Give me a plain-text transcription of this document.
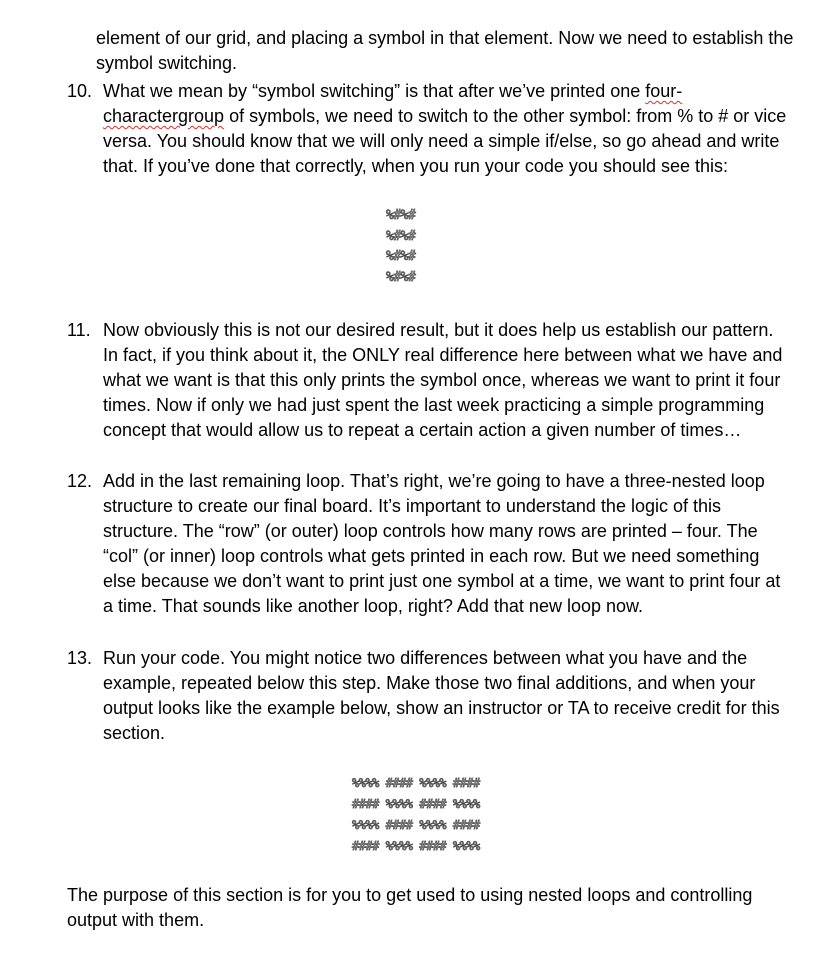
element of our grid, and placing a symbol in that element. Now we need to establish the symbol switching.

10. What we mean by “symbol switching” is that after we’ve printed one four-charactergroup of symbols, we need to switch to the other symbol: from % to # or vice versa. You should know that we will only need a simple if/else, so go ahead and write that. If you’ve done that correctly, when you run your code you should see this:
%#%#
%#%#
%#%#
%#%#
11. Now obviously this is not our desired result, but it does help us establish our pattern. In fact, if you think about it, the ONLY real difference here between what we have and what we want is that this only prints the symbol once, whereas we want to print it four times. Now if only we had just spent the last week practicing a simple programming concept that would allow us to repeat a certain action a given number of times…
12. Add in the last remaining loop. That’s right, we’re going to have a three-nested loop structure to create our final board. It’s important to understand the logic of this structure. The “row” (or outer) loop controls how many rows are printed – four. The “col” (or inner) loop controls what gets printed in each row. But we need something else because we don’t want to print just one symbol at a time, we want to print four at a time. That sounds like another loop, right? Add that new loop now.
13. Run your code. You might notice two differences between what you have and the example, repeated below this step. Make those two final additions, and when your output looks like the example below, show an instructor or TA to receive credit for this section.
%%%% #### %%%% ####
#### %%%% #### %%%%
%%%% #### %%%% ####
#### %%%% #### %%%%

The purpose of this section is for you to get used to using nested loops and controlling output with them.
